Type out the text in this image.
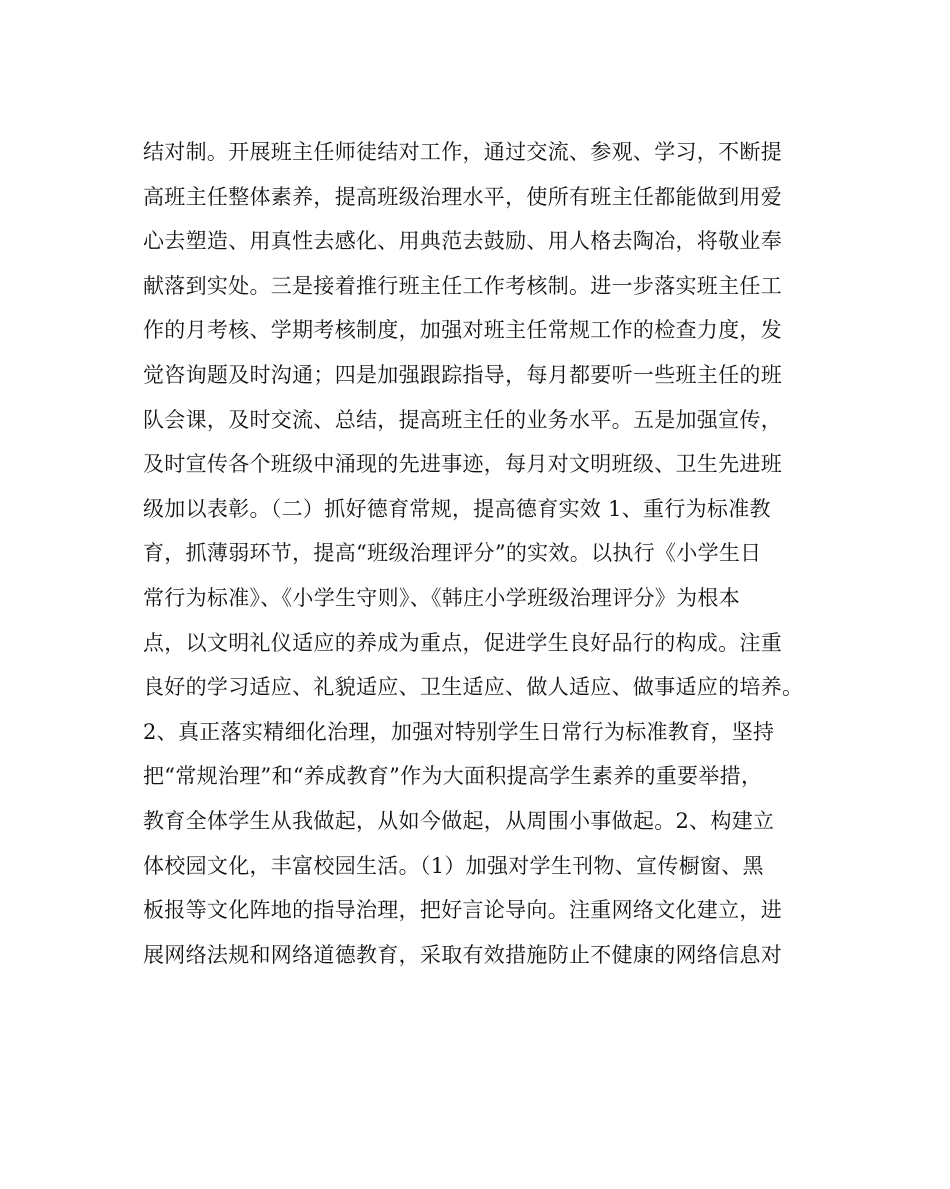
结对制。开展班主任师徒结对工作，通过交流、参观、学习，不断提
高班主任整体素养，提高班级治理水平，使所有班主任都能做到用爱
心去塑造、用真性去感化、用典范去鼓励、用人格去陶冶，将敬业奉
献落到实处。三是接着推行班主任工作考核制。进一步落实班主任工
作的月考核、学期考核制度，加强对班主任常规工作的检查力度，发
觉咨询题及时沟通；四是加强跟踪指导，每月都要听一些班主任的班
队会课，及时交流、总结，提高班主任的业务水平。五是加强宣传，
及时宣传各个班级中涌现的先进事迹，每月对文明班级、卫生先进班
级加以表彰。（二）抓好德育常规，提高德育实效 1、重行为标准教
育，抓薄弱环节，提高“班级治理评分”的实效。以执行《小学生日
常行为标准》、《小学生守则》、《韩庄小学班级治理评分》为根本
点，以文明礼仪适应的养成为重点，促进学生良好品行的构成。注重
良好的学习适应、礼貌适应、卫生适应、做人适应、做事适应的培养。
2、真正落实精细化治理，加强对特别学生日常行为标准教育，坚持
把“常规治理”和“养成教育”作为大面积提高学生素养的重要举措，
教育全体学生从我做起，从如今做起，从周围小事做起。2、构建立
体校园文化，丰富校园生活。（1）加强对学生刊物、宣传橱窗、黑
板报等文化阵地的指导治理，把好言论导向。注重网络文化建立，进
展网络法规和网络道德教育，采取有效措施防止不健康的网络信息对
